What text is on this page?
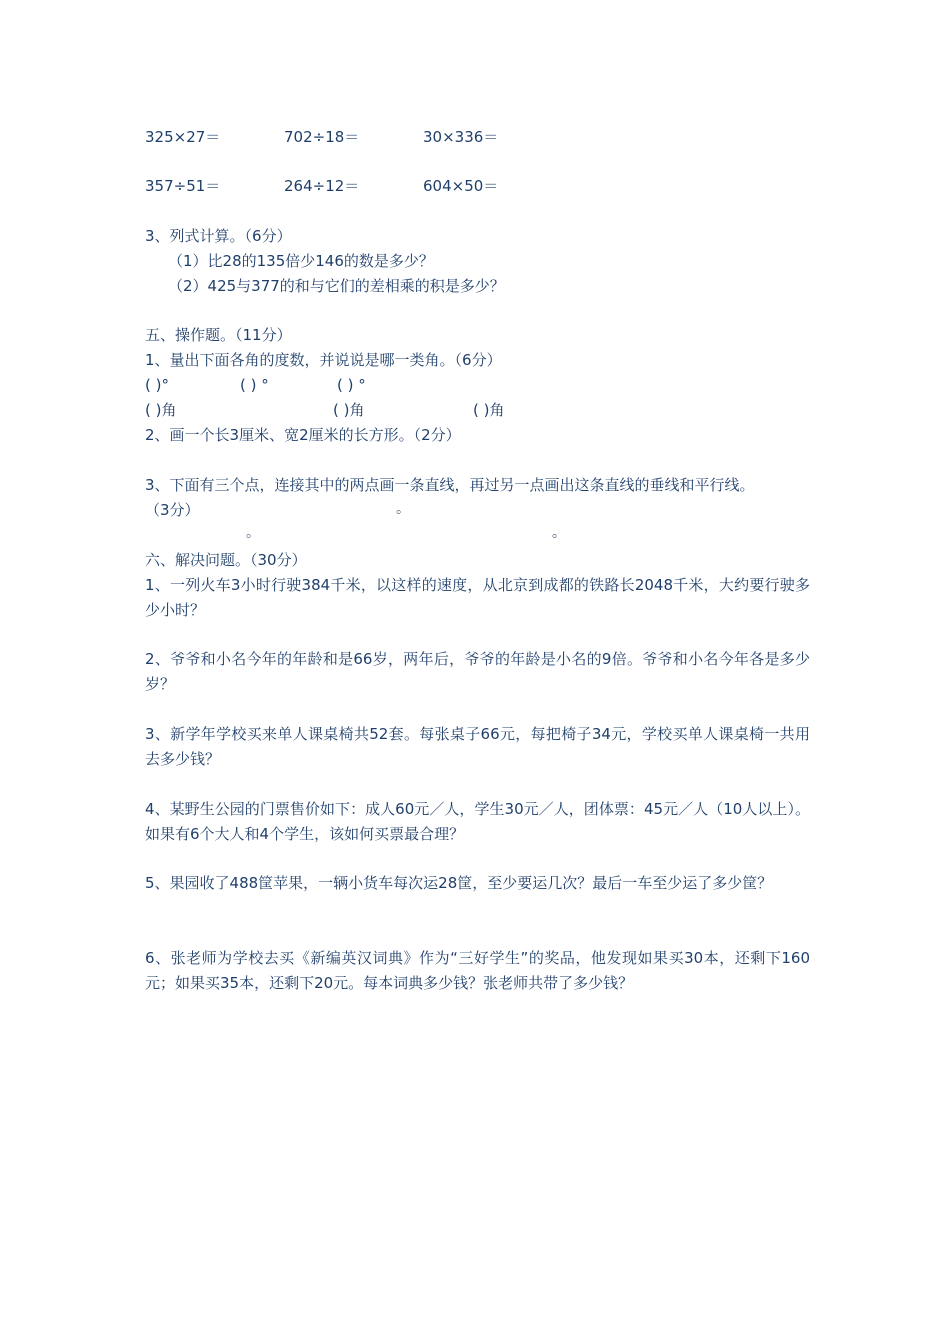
325×27＝	702÷18＝	30×336＝
357÷51＝	264÷12＝	604×50＝
3、列式计算。（6分）
（1）比28的135倍少146的数是多少？
（2）425与377的和与它们的差相乘的积是多少？
五、操作题。（11分）
1、量出下面各角的度数，并说说是哪一类角。（6分）
( )°	( ) °	( ) °
( )角	( )角	( )角
2、画一个长3厘米、宽2厘米的长方形。（2分）
3、下面有三个点，连接其中的两点画一条直线，再过另一点画出这条直线的垂线和平行线。
（3分）	。
。	。
六、解决问题。（30分）
1、一列火车3小时行驶384千米，以这样的速度，从北京到成都的铁路长2048千米，大约要行驶多少小时？
2、爷爷和小名今年的年龄和是66岁，两年后，爷爷的年龄是小名的9倍。爷爷和小名今年各是多少岁？
3、新学年学校买来单人课桌椅共52套。每张桌子66元，每把椅子34元，学校买单人课桌椅一共用去多少钱？
4、某野生公园的门票售价如下：成人60元／人，学生30元／人，团体票：45元／人（10人以上）。如果有6个大人和4个学生，该如何买票最合理？
5、果园收了488筐苹果，一辆小货车每次运28筐，至少要运几次？最后一车至少运了多少筐？
6、张老师为学校去买《新编英汉词典》作为“三好学生”的奖品，他发现如果买30本，还剩下160元；如果买35本，还剩下20元。每本词典多少钱？张老师共带了多少钱？
